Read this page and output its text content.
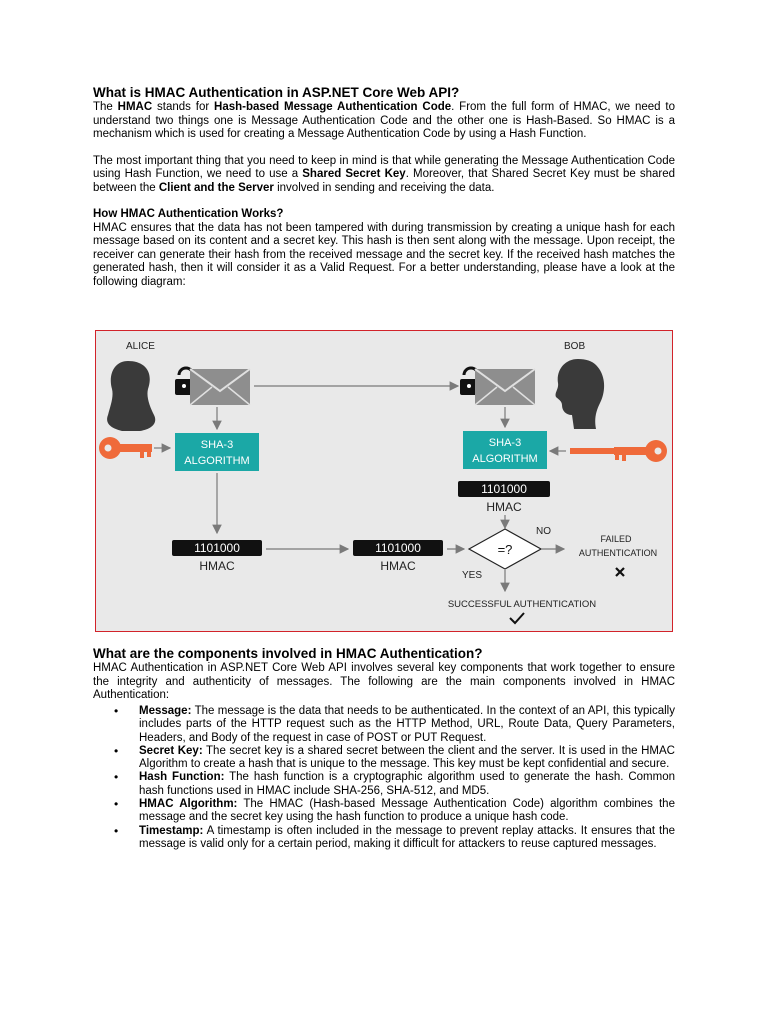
What is HMAC Authentication in ASP.NET Core Web API?

The HMAC stands for Hash-based Message Authentication Code. From the full form of HMAC, we need to understand two things one is Message Authentication Code and the other one is Hash-Based. So HMAC is a mechanism which is used for creating a Message Authentication Code by using a Hash Function.

The most important thing that you need to keep in mind is that while generating the Message Authentication Code using Hash Function, we need to use a Shared Secret Key. Moreover, that Shared Secret Key must be shared between the Client and the Server involved in sending and receiving the data.

How HMAC Authentication Works?

HMAC ensures that the data has not been tampered with during transmission by creating a unique hash for each message based on its content and a secret key. This hash is then sent along with the message. Upon receipt, the receiver can generate their hash from the received message and the secret key. If the received hash matches the generated hash, then it will consider it as a Valid Request. For a better understanding, please have a look at the following diagram:

ALICE	BOB
SHA-3
ALGORITHM
SHA-3
ALGORITHM
1101000
HMAC
1101000
HMAC
1101000
HMAC
=?
NO
FAILED
AUTHENTICATION
YES
SUCCESSFUL AUTHENTICATION
What are the components involved in HMAC Authentication?

HMAC Authentication in ASP.NET Core Web API involves several key components that work together to ensure the integrity and authenticity of messages. The following are the main components involved in HMAC Authentication:

• Message: The message is the data that needs to be authenticated. In the context of an API, this typically includes parts of the HTTP request such as the HTTP Method, URL, Route Data, Query Parameters, Headers, and Body of the request in case of POST or PUT Request.
• Secret Key: The secret key is a shared secret between the client and the server. It is used in the HMAC Algorithm to create a hash that is unique to the message. This key must be kept confidential and secure.
• Hash Function: The hash function is a cryptographic algorithm used to generate the hash. Common hash functions used in HMAC include SHA-256, SHA-512, and MD5.
• HMAC Algorithm: The HMAC (Hash-based Message Authentication Code) algorithm combines the message and the secret key using the hash function to produce a unique hash code.
• Timestamp: A timestamp is often included in the message to prevent replay attacks. It ensures that the message is valid only for a certain period, making it difficult for attackers to reuse captured messages.
